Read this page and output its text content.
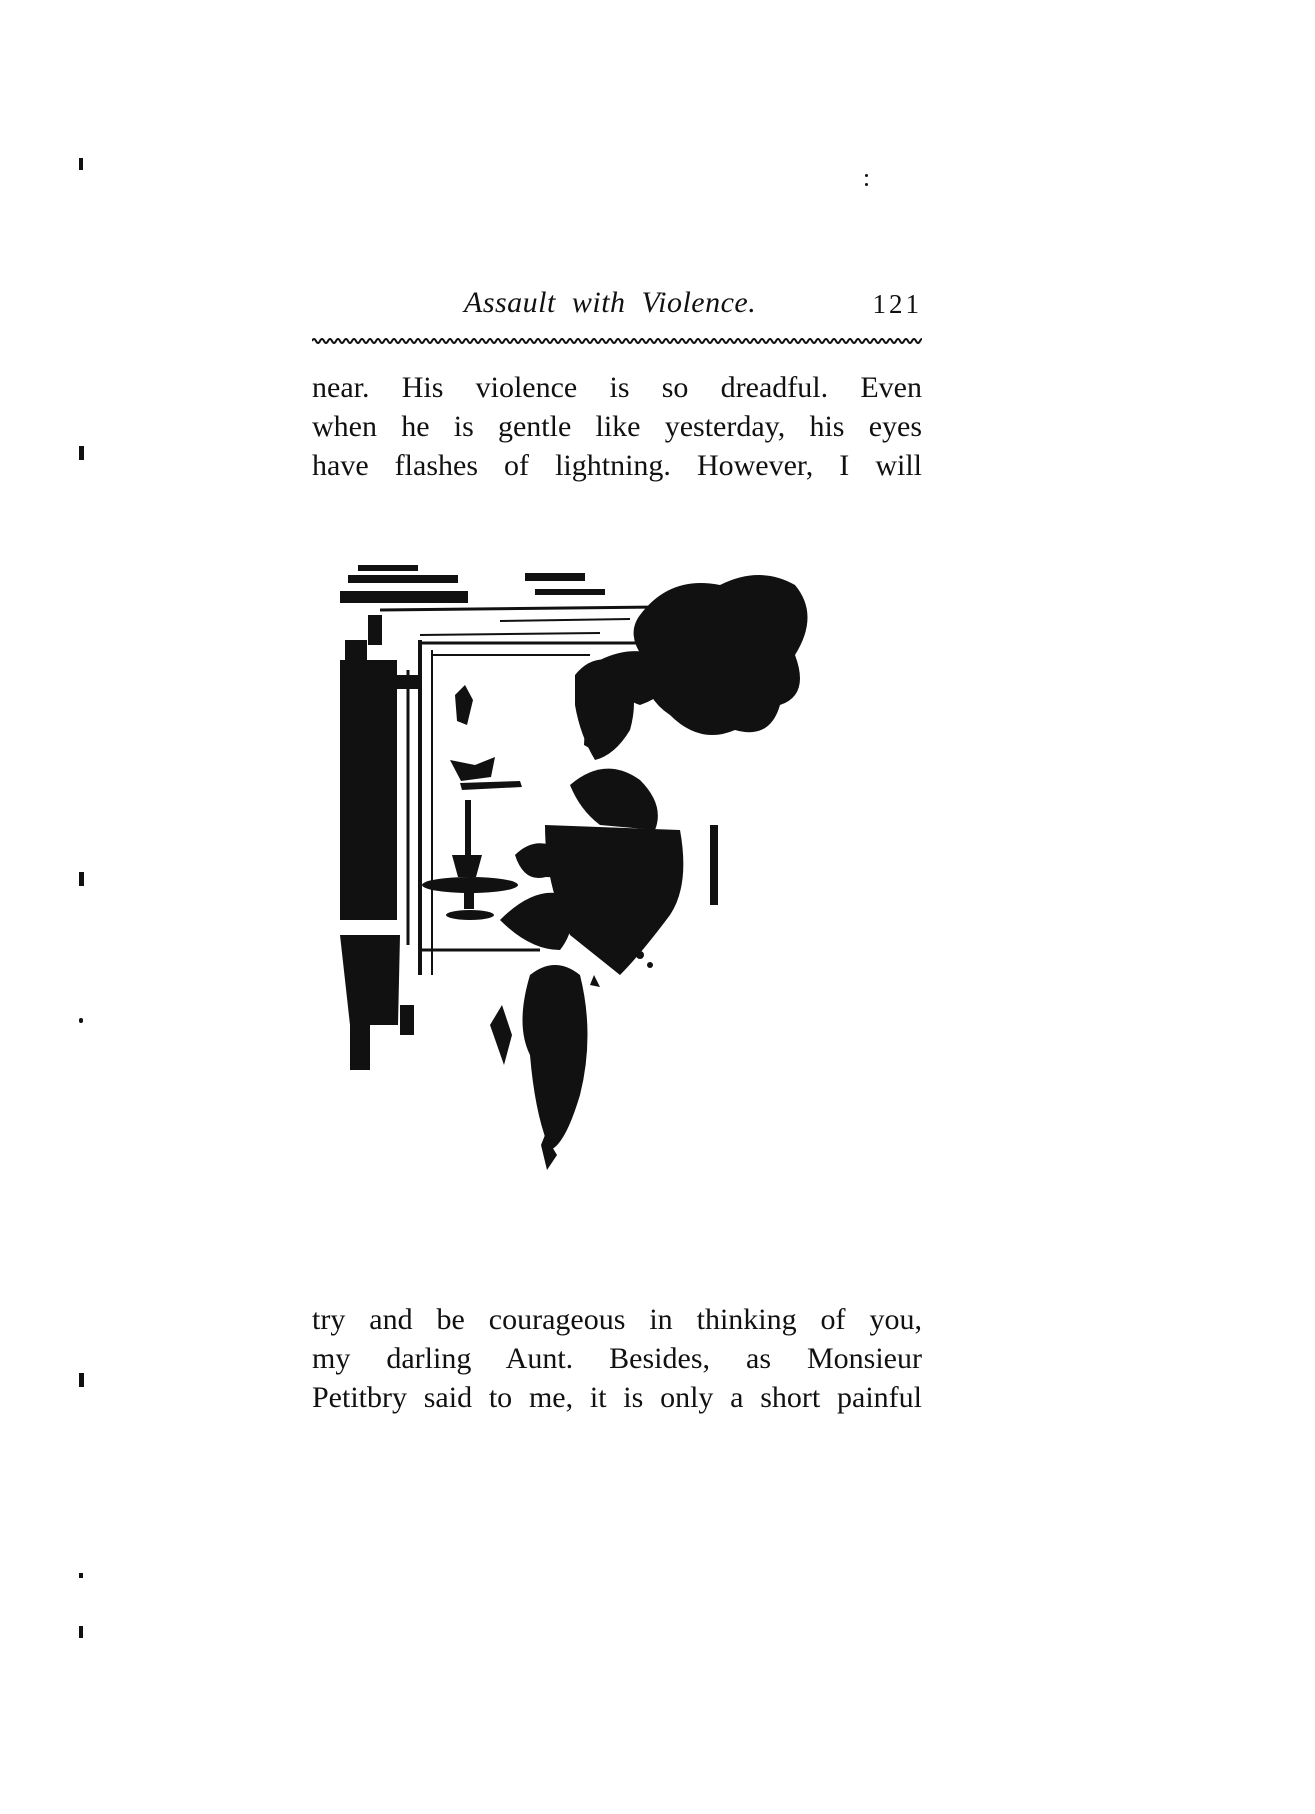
Assault with Violence.	121
near. His violence is so dreadful. Even
when he is gentle like yesterday, his eyes
have flashes of lightning. However, I will
try and be courageous in thinking of you,
my darling Aunt. Besides, as Monsieur
Petitbry said to me, it is only a short painful
